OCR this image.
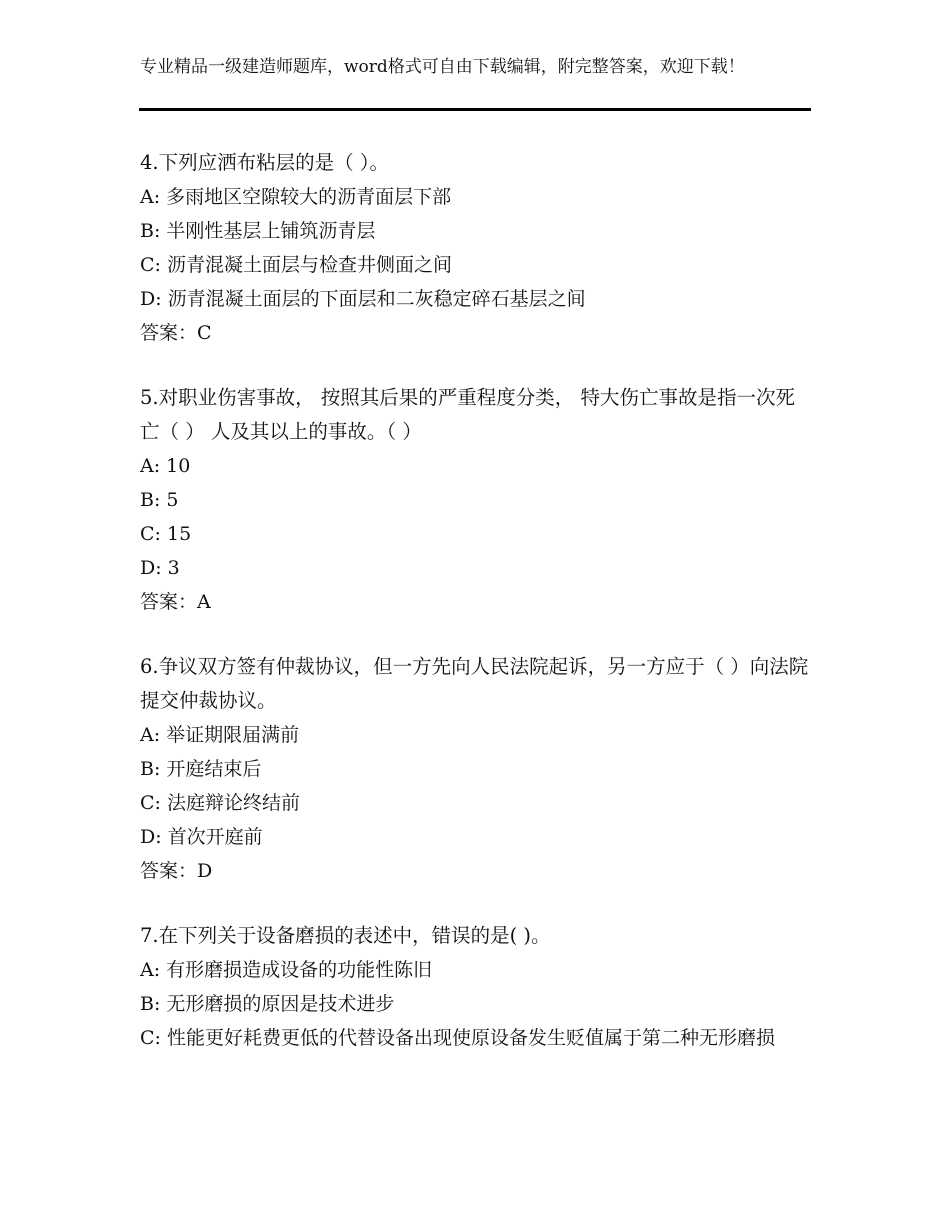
专业精品一级建造师题库，word格式可自由下载编辑，附完整答案，欢迎下载！
4.下列应洒布粘层的是（ ）。
A: 多雨地区空隙较大的沥青面层下部
B: 半刚性基层上铺筑沥青层
C: 沥青混凝土面层与检查井侧面之间
D: 沥青混凝土面层的下面层和二灰稳定碎石基层之间
答案：C
5.对职业伤害事故， 按照其后果的严重程度分类， 特大伤亡事故是指一次死亡（ ） 人及其以上的事故。（ ）
A: 10
B: 5
C: 15
D: 3
答案：A
6.争议双方签有仲裁协议，但一方先向人民法院起诉，另一方应于（ ）向法院提交仲裁协议。
A: 举证期限届满前
B: 开庭结束后
C: 法庭辩论终结前
D: 首次开庭前
答案：D
7.在下列关于设备磨损的表述中，错误的是( )。
A: 有形磨损造成设备的功能性陈旧
B: 无形磨损的原因是技术进步
C: 性能更好耗费更低的代替设备出现使原设备发生贬值属于第二种无形磨损
